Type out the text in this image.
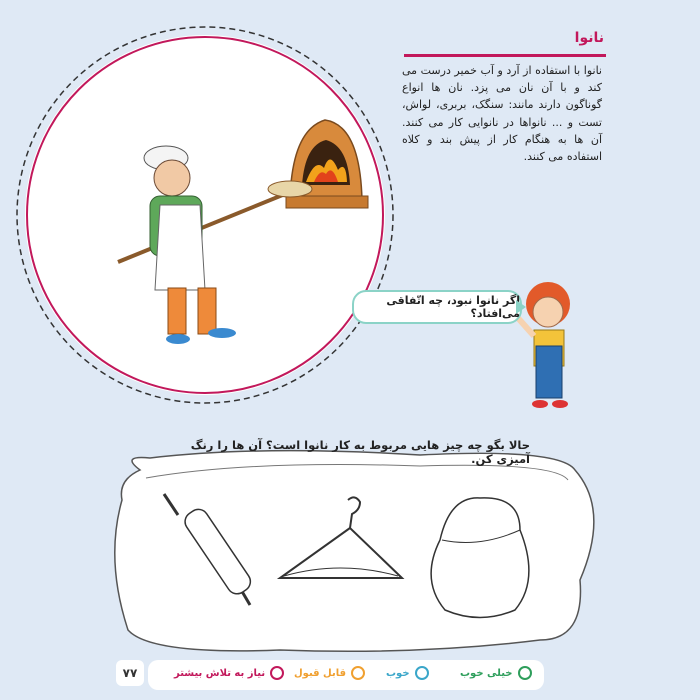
نانوا
نانوا با استفاده از آرد و آب خمیر درست می کند و با آن نان می پزد. نان ها انواع گوناگون دارند مانند: سنگک، بربری، لواش، تست و ... نانواها در نانوایی کار می کنند. آن ها به هنگام کار از پیش بند و کلاه استفاده می کنند.
اگر نانوا نبود، چه اتّفاقی می‌افتاد؟
حالا بگو چه چیز هایی مربوط به کار نانوا است؟ آن ها را رنگ آمیزی کن.
۷۷	خیلی خوب
خوب
قابل قبول
نیاز به تلاش بیشتر
